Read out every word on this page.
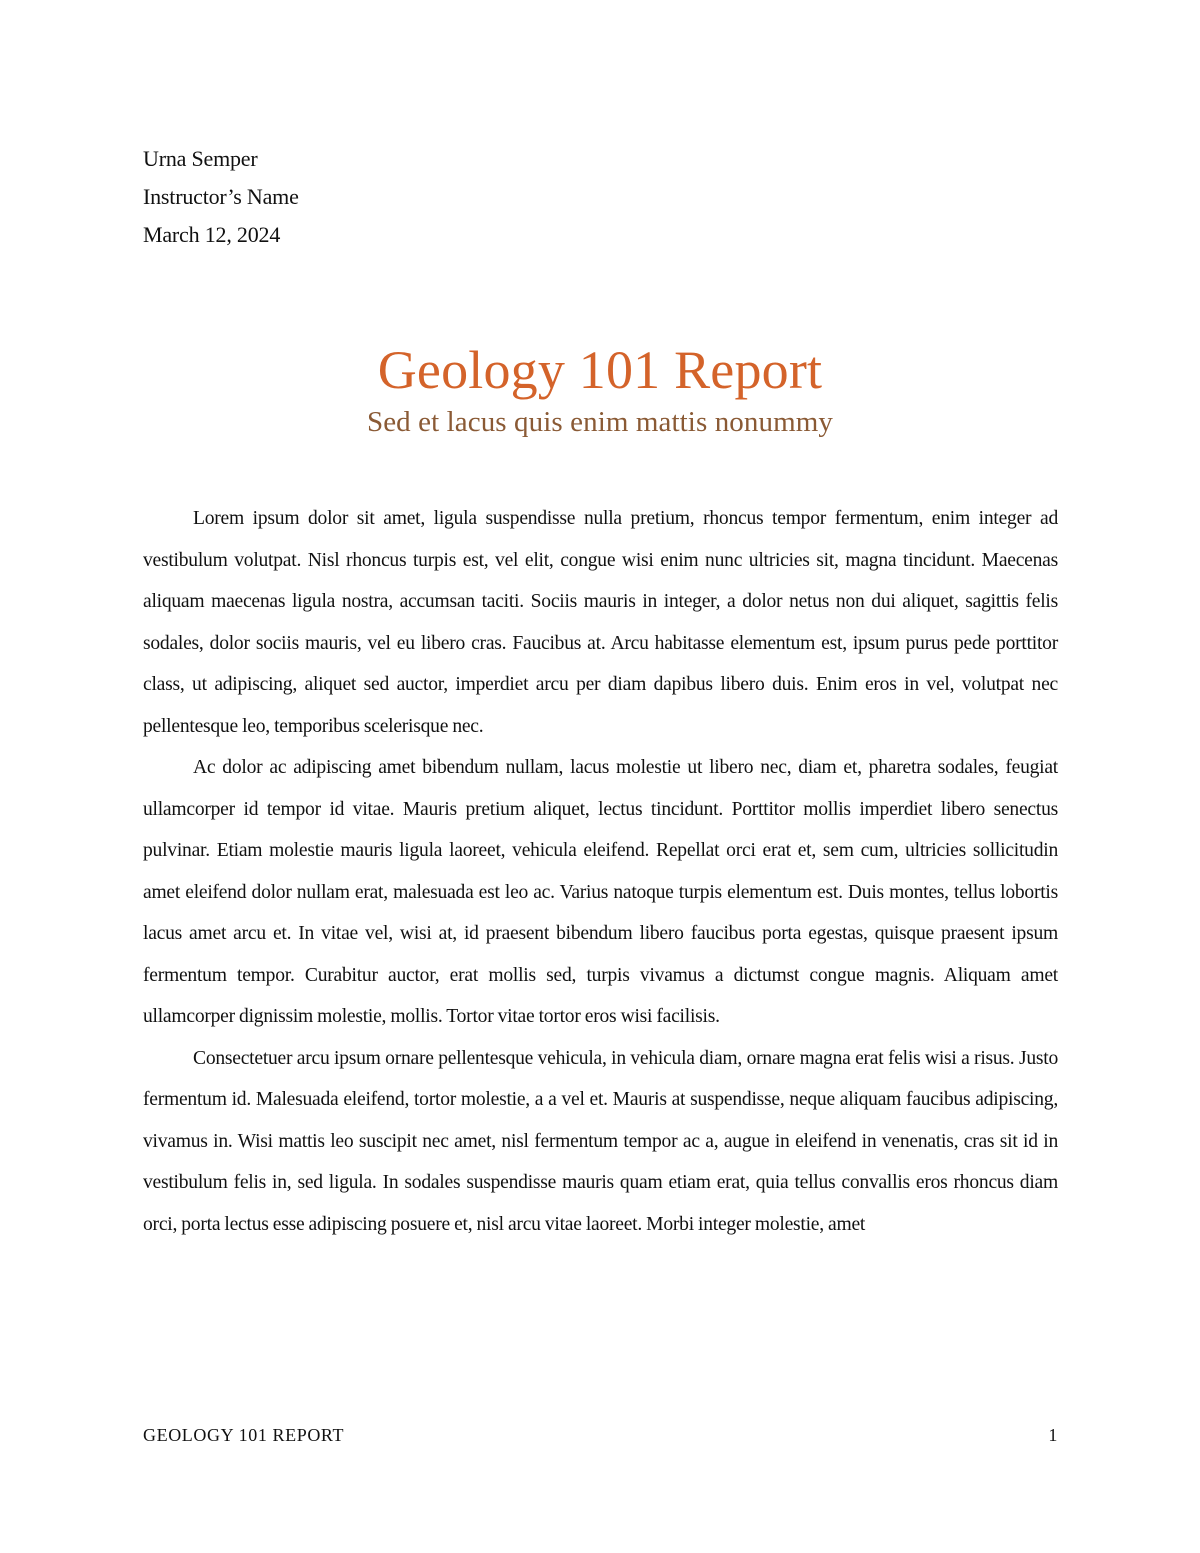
Urna Semper
Instructor’s Name
March 12, 2024
Geology 101 Report
Sed et lacus quis enim mattis nonummy

Lorem ipsum dolor sit amet, ligula suspendisse nulla pretium, rhoncus tempor fermentum, enim integer ad vestibulum volutpat. Nisl rhoncus turpis est, vel elit, congue wisi enim nunc ultricies sit, magna tincidunt. Maecenas aliquam maecenas ligula nostra, accumsan taciti. Sociis mauris in integer, a dolor netus non dui aliquet, sagittis felis sodales, dolor sociis mauris, vel eu libero cras. Faucibus at. Arcu habitasse elementum est, ipsum purus pede porttitor class, ut adipiscing, aliquet sed auctor, imperdiet arcu per diam dapibus libero duis. Enim eros in vel, volutpat nec pellentesque leo, temporibus scelerisque nec.

Ac dolor ac adipiscing amet bibendum nullam, lacus molestie ut libero nec, diam et, pharetra sodales, feugiat ullamcorper id tempor id vitae. Mauris pretium aliquet, lectus tincidunt. Porttitor mollis imperdiet libero senectus pulvinar. Etiam molestie mauris ligula laoreet, vehicula eleifend. Repellat orci erat et, sem cum, ultricies sollicitudin amet eleifend dolor nullam erat, malesuada est leo ac. Varius natoque turpis elementum est. Duis montes, tellus lobortis lacus amet arcu et. In vitae vel, wisi at, id praesent bibendum libero faucibus porta egestas, quisque praesent ipsum fermentum tempor. Curabitur auctor, erat mollis sed, turpis vivamus a dictumst congue magnis. Aliquam amet ullamcorper dignissim molestie, mollis. Tortor vitae tortor eros wisi facilisis.

Consectetuer arcu ipsum ornare pellentesque vehicula, in vehicula diam, ornare magna erat felis wisi a risus. Justo fermentum id. Malesuada eleifend, tortor molestie, a a vel et. Mauris at suspendisse, neque aliquam faucibus adipiscing, vivamus in. Wisi mattis leo suscipit nec amet, nisl fermentum tempor ac a, augue in eleifend in venenatis, cras sit id in vestibulum felis in, sed ligula. In sodales suspendisse mauris quam etiam erat, quia tellus convallis eros rhoncus diam orci, porta lectus esse adipiscing posuere et, nisl arcu vitae laoreet. Morbi integer molestie, amet

GEOLOGY 101 REPORT	1
